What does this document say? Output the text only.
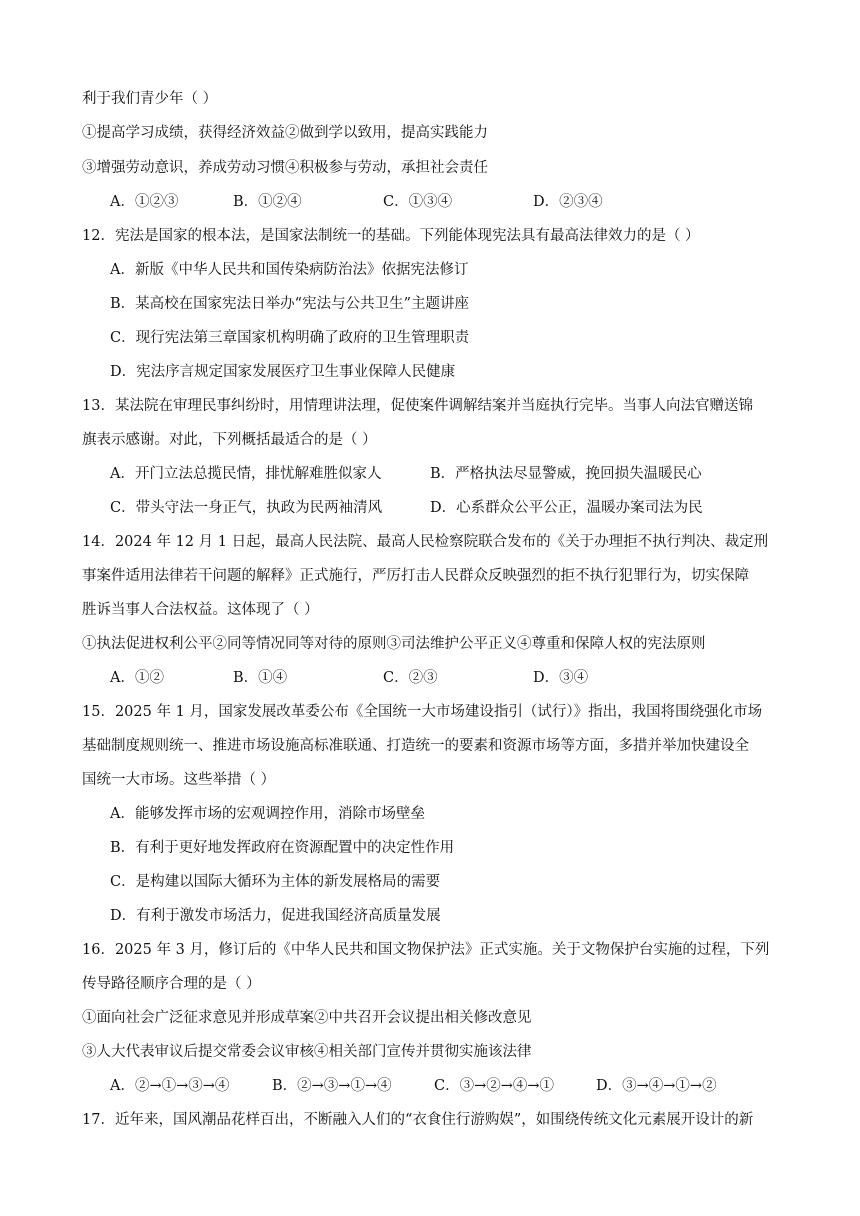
利于我们青少年（ ）
①提高学习成绩，获得经济效益②做到学以致用，提高实践能力
③增强劳动意识，养成劳动习惯④积极参与劳动，承担社会责任
A．①②③	B．①②④	C．①③④	D．②③④
12．宪法是国家的根本法，是国家法制统一的基础。下列能体现宪法具有最高法律效力的是（ ）
A．新版《中华人民共和国传染病防治法》依据宪法修订
B．某高校在国家宪法日举办“宪法与公共卫生”主题讲座
C．现行宪法第三章国家机构明确了政府的卫生管理职责
D．宪法序言规定国家发展医疗卫生事业保障人民健康
13．某法院在审理民事纠纷时，用情理讲法理，促使案件调解结案并当庭执行完毕。当事人向法官赠送锦
旗表示感谢。对此，下列概括最适合的是（ ）
A．开门立法总揽民情，排忧解难胜似家人	B．严格执法尽显警威，挽回损失温暖民心
C．带头守法一身正气，执政为民两袖清风	D．心系群众公平公正，温暖办案司法为民
14．2024 年 12 月 1 日起，最高人民法院、最高人民检察院联合发布的《关于办理拒不执行判决、裁定刑
事案件适用法律若干问题的解释》正式施行，严厉打击人民群众反映强烈的拒不执行犯罪行为，切实保障
胜诉当事人合法权益。这体现了（ ）
①执法促进权利公平②同等情况同等对待的原则③司法维护公平正义④尊重和保障人权的宪法原则
A．①②	B．①④	C．②③	D．③④
15．2025 年 1 月，国家发展改革委公布《全国统一大市场建设指引（试行）》指出，我国将围绕强化市场
基础制度规则统一、推进市场设施高标准联通、打造统一的要素和资源市场等方面，多措并举加快建设全
国统一大市场。这些举措（ ）
A．能够发挥市场的宏观调控作用，消除市场壁垒
B．有利于更好地发挥政府在资源配置中的决定性作用
C．是构建以国际大循环为主体的新发展格局的需要
D．有利于激发市场活力，促进我国经济高质量发展
16．2025 年 3 月，修订后的《中华人民共和国文物保护法》正式实施。关于文物保护台实施的过程，下列
传导路径顺序合理的是（ ）
①面向社会广泛征求意见并形成草案②中共召开会议提出相关修改意见
③人大代表审议后提交常委会议审核④相关部门宣传并贯彻实施该法律
A．②→①→③→④	B．②→③→①→④	C．③→②→④→①	D．③→④→①→②
17．近年来，国风潮品花样百出，不断融入人们的“衣食住行游购娱”，如围绕传统文化元素展开设计的新
